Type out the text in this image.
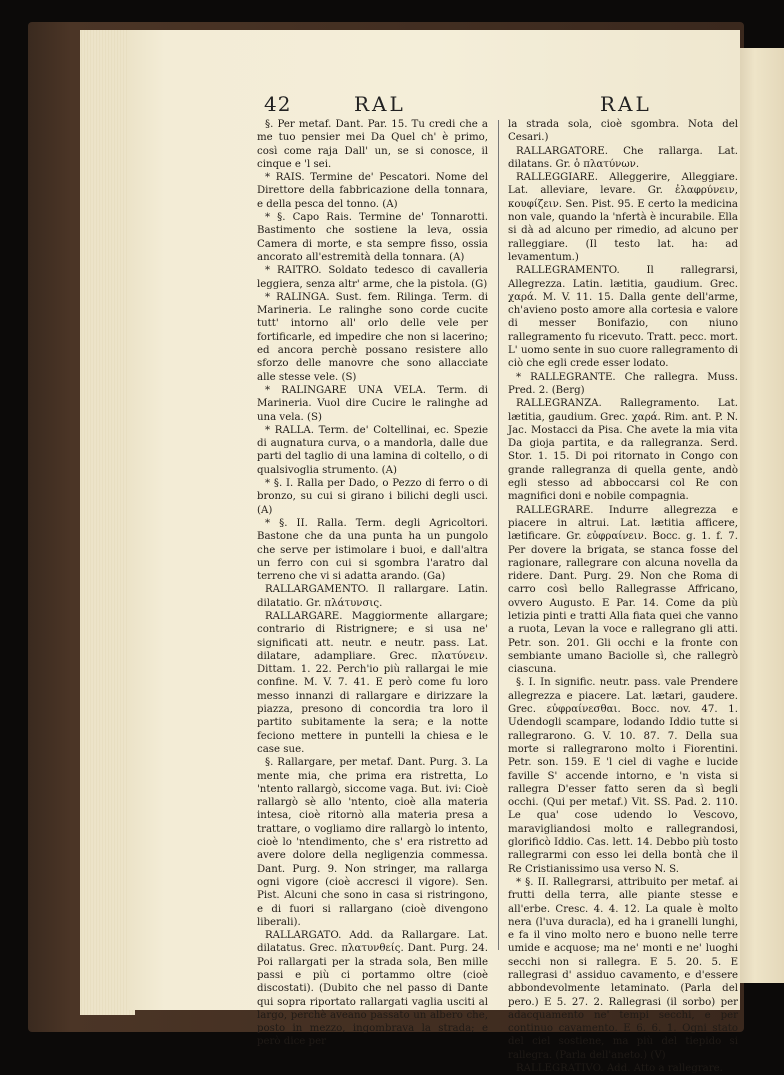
42	RAL	RAL

§. Per metaf. Dant. Par. 15. Tu credi che a me tuo pensier mei Da Quel ch' è primo, così come raja Dall' un, se si conosce, il cinque e 'l sei.

* RAIS. Termine de' Pescatori. Nome del Direttore della fabbricazione della tonnara, e della pesca del tonno. (A)

* §. Capo Rais. Termine de' Tonnarotti. Bastimento che sostiene la leva, ossia Camera di morte, e sta sempre fisso, ossia ancorato all'estremità della tonnara. (A)

* RAITRO. Soldato tedesco di cavalleria leggiera, senza altr' arme, che la pistola. (G)

* RALINGA. Sust. fem. Rilinga. Term. di Marineria. Le ralinghe sono corde cucite tutt' intorno all' orlo delle vele per fortificarle, ed impedire che non si lacerino; ed ancora perchè possano resistere allo sforzo delle manovre che sono allacciate alle stesse vele. (S)

* RALINGARE UNA VELA. Term. di Marineria. Vuol dire Cucire le ralinghe ad una vela. (S)

* RALLA. Term. de' Coltellinai, ec. Spezie di augnatura curva, o a mandorla, dalle due parti del taglio di una lamina di coltello, o di qualsivoglia strumento. (A)

* §. I. Ralla per Dado, o Pezzo di ferro o di bronzo, su cui si girano i bilichi degli usci. (A)

* §. II. Ralla. Term. degli Agricoltori. Bastone che da una punta ha un pungolo che serve per istimolare i buoi, e dall'altra un ferro con cui si sgombra l'aratro dal terreno che vi si adatta arando. (Ga)

RALLARGAMENTO. Il rallargare. Latin. dilatatio. Gr. πλάτυνσις.

RALLARGARE. Maggiormente allargare; contrario di Ristrignere; e si usa ne' significati att. neutr. e neutr. pass. Lat. dilatare, adampliare. Grec. πλατύνειν. Dittam. 1. 22. Perch'io più rallargai le mie confine. M. V. 7. 41. E però come fu loro messo innanzi di rallargare e dirizzare la piazza, presono di concordia tra loro il partito subitamente la sera; e la notte feciono mettere in puntelli la chiesa e le case sue.

§. Rallargare, per metaf. Dant. Purg. 3. La mente mia, che prima era ristretta, Lo 'ntento rallargò, siccome vaga. But. ivi: Cioè rallargò sè allo 'ntento, cioè alla materia intesa, cioè ritornò alla materia presa a trattare, o vogliamo dire rallargò lo intento, cioè lo 'ntendimento, che s' era ristretto ad avere dolore della negligenzia commessa. Dant. Purg. 9. Non stringer, ma rallarga ogni vigore (cioè accresci il vigore). Sen. Pist. Alcuni che sono in casa si ristringono, e di fuori si rallargano (cioè divengono liberali).

RALLARGATO. Add. da Rallargare. Lat. dilatatus. Grec. πλατυνθείς. Dant. Purg. 24. Poi rallargati per la strada sola, Ben mille passi e più ci portammo oltre (cioè discostati). (Dubito che nel passo di Dante qui sopra riportato rallargati vaglia usciti al largo, perchè aveano passato un albero che, posto in mezzo, ingombrava la strada; e però dice per

la strada sola, cioè sgombra. Nota del Cesari.)

RALLARGATORE. Che rallarga. Lat. dilatans. Gr. ὁ πλατύνων.

RALLEGGIARE. Alleggerire, Alleggiare. Lat. alleviare, levare. Gr. ἐλαφρύνειν, κουφίζειν. Sen. Pist. 95. E certo la medicina non vale, quando la 'nfertà è incurabile. Ella si dà ad alcuno per rimedio, ad alcuno per ralleggiare. (Il testo lat. ha: ad levamentum.)

RALLEGRAMENTO. Il rallegrarsi, Allegrezza. Latin. lætitia, gaudium. Grec. χαρά. M. V. 11. 15. Dalla gente dell'arme, ch'avieno posto amore alla cortesia e valore di messer Bonifazio, con niuno rallegramento fu ricevuto. Tratt. pecc. mort. L' uomo sente in suo cuore rallegramento di ciò che egli crede esser lodato.

* RALLEGRANTE. Che rallegra. Muss. Pred. 2. (Berg)

RALLEGRANZA. Rallegramento. Lat. lætitia, gaudium. Grec. χαρά. Rim. ant. P. N. Jac. Mostacci da Pisa. Che avete la mia vita Da gioja partita, e da rallegranza. Serd. Stor. 1. 15. Di poi ritornato in Congo con grande rallegranza di quella gente, andò egli stesso ad abboccarsi col Re con magnifici doni e nobile compagnia.

RALLEGRARE. Indurre allegrezza e piacere in altrui. Lat. lætitia afficere, lætificare. Gr. εὐφραίνειν. Bocc. g. 1. f. 7. Per dovere la brigata, se stanca fosse del ragionare, rallegrare con alcuna novella da ridere. Dant. Purg. 29. Non che Roma di carro così bello Rallegrasse Affricano, ovvero Augusto. E Par. 14. Come da più letizia pinti e tratti Alla fiata quei che vanno a ruota, Levan la voce e rallegrano gli atti. Petr. son. 201. Gli occhi e la fronte con sembiante umano Baciolle sì, che rallegrò ciascuna.

§. I. In signific. neutr. pass. vale Prendere allegrezza e piacere. Lat. lætari, gaudere. Grec. εὐφραίνεσθαι. Bocc. nov. 47. 1. Udendogli scampare, lodando Iddio tutte si rallegrarono. G. V. 10. 87. 7. Della sua morte si rallegrarono molto i Fiorentini. Petr. son. 159. E 'l ciel di vaghe e lucide faville S' accende intorno, e 'n vista si rallegra D'esser fatto seren da sì begli occhi. (Qui per metaf.) Vit. SS. Pad. 2. 110. Le qua' cose udendo lo Vescovo, maravigliandosi molto e rallegrandosi, glorificò Iddio. Cas. lett. 14. Debbo più tosto rallegrarmi con esso lei della bontà che il Re Cristianissimo usa verso N. S.

* §. II. Rallegrarsi, attribuito per metaf. ai frutti della terra, alle piante stesse e all'erbe. Cresc. 4. 4. 12. La quale è molto nera (l'uva duracla), ed ha i granelli lunghi, e fa il vino molto nero e buono nelle terre umide e acquose; ma ne' monti e ne' luoghi secchi non si rallegra. E 5. 20. 5. E rallegrasi d' assiduo cavamento, e d'essere abbondevolmente letaminato. (Parla del pero.) E 5. 27. 2. Rallegrasi (il sorbo) per adacquamento ne' tempi secchi, e per continuo cavamento. E 6. 6. 1. Ogni stato del ciel sostiene, ma più del tiepido si rallegra. (Parla dell'aneto.) (V)

RALLEGRATIVO. Add. Atto a rallegrare.
